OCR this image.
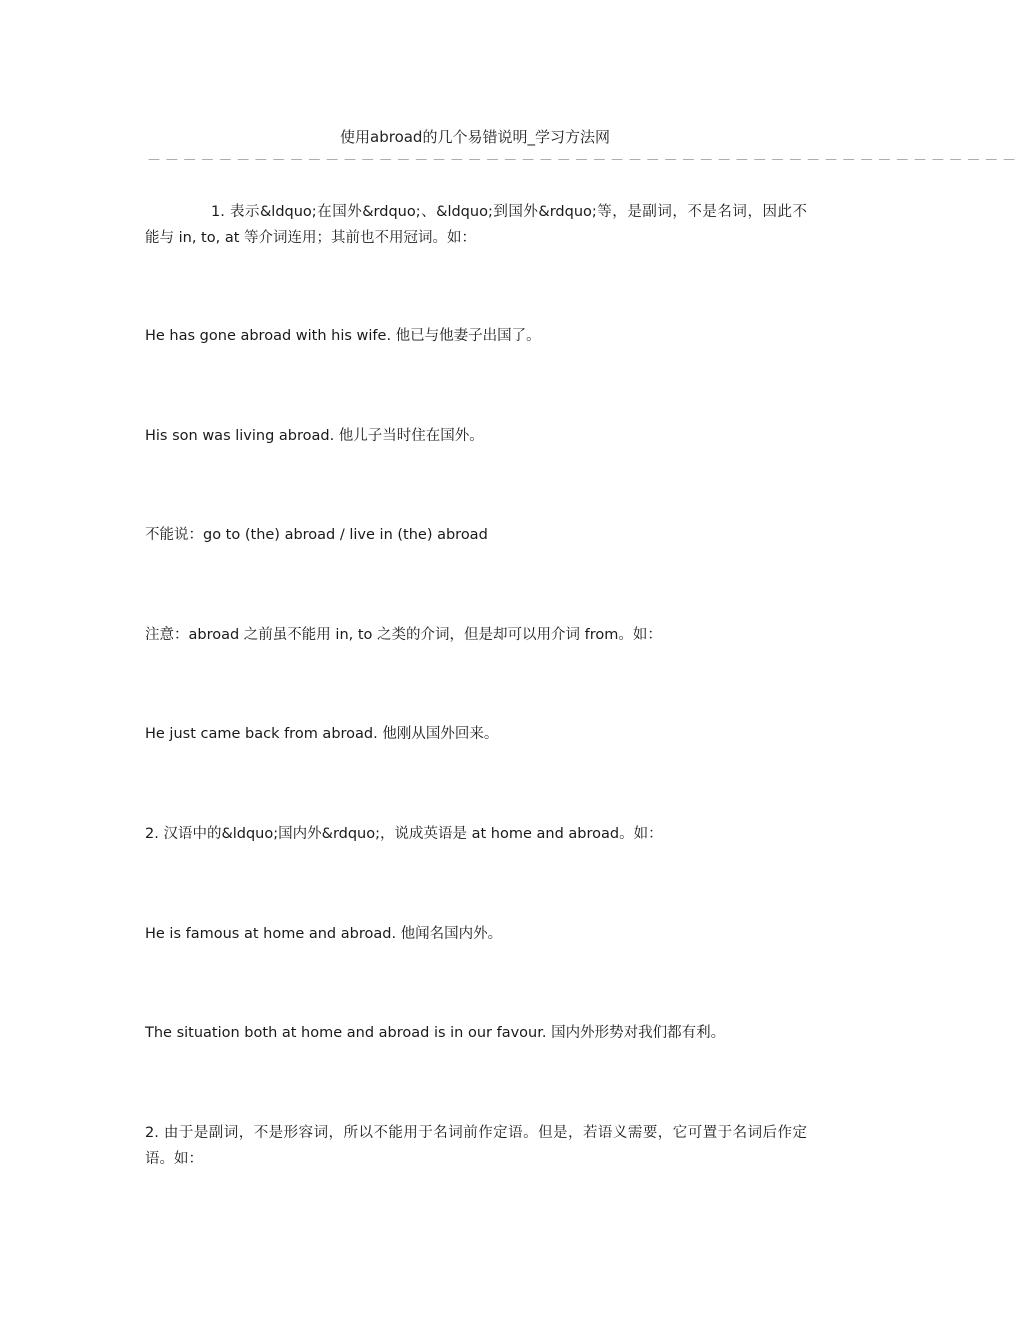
使用abroad的几个易错说明_学习方法网
— — — — — — — — — — — — — — — — — — — — — — — — — — — — — — — — — — — — — — — — — — — — — — — — —

1. 表示&ldquo;在国外&rdquo;、&ldquo;到国外&rdquo;等，是副词，不是名词，因此不能与 in, to, at 等介词连用；其前也不用冠词。如：

He has gone abroad with his wife. 他已与他妻子出国了。

His son was living abroad. 他儿子当时住在国外。

不能说：go to (the) abroad / live in (the) abroad

注意：abroad 之前虽不能用 in, to 之类的介词，但是却可以用介词 from。如：

He just came back from abroad. 他刚从国外回来。

2. 汉语中的&ldquo;国内外&rdquo;，说成英语是 at home and abroad。如：

He is famous at home and abroad. 他闻名国内外。

The situation both at home and abroad is in our favour. 国内外形势对我们都有利。

2. 由于是副词，不是形容词，所以不能用于名词前作定语。但是，若语义需要，它可置于名词后作定语。如：
